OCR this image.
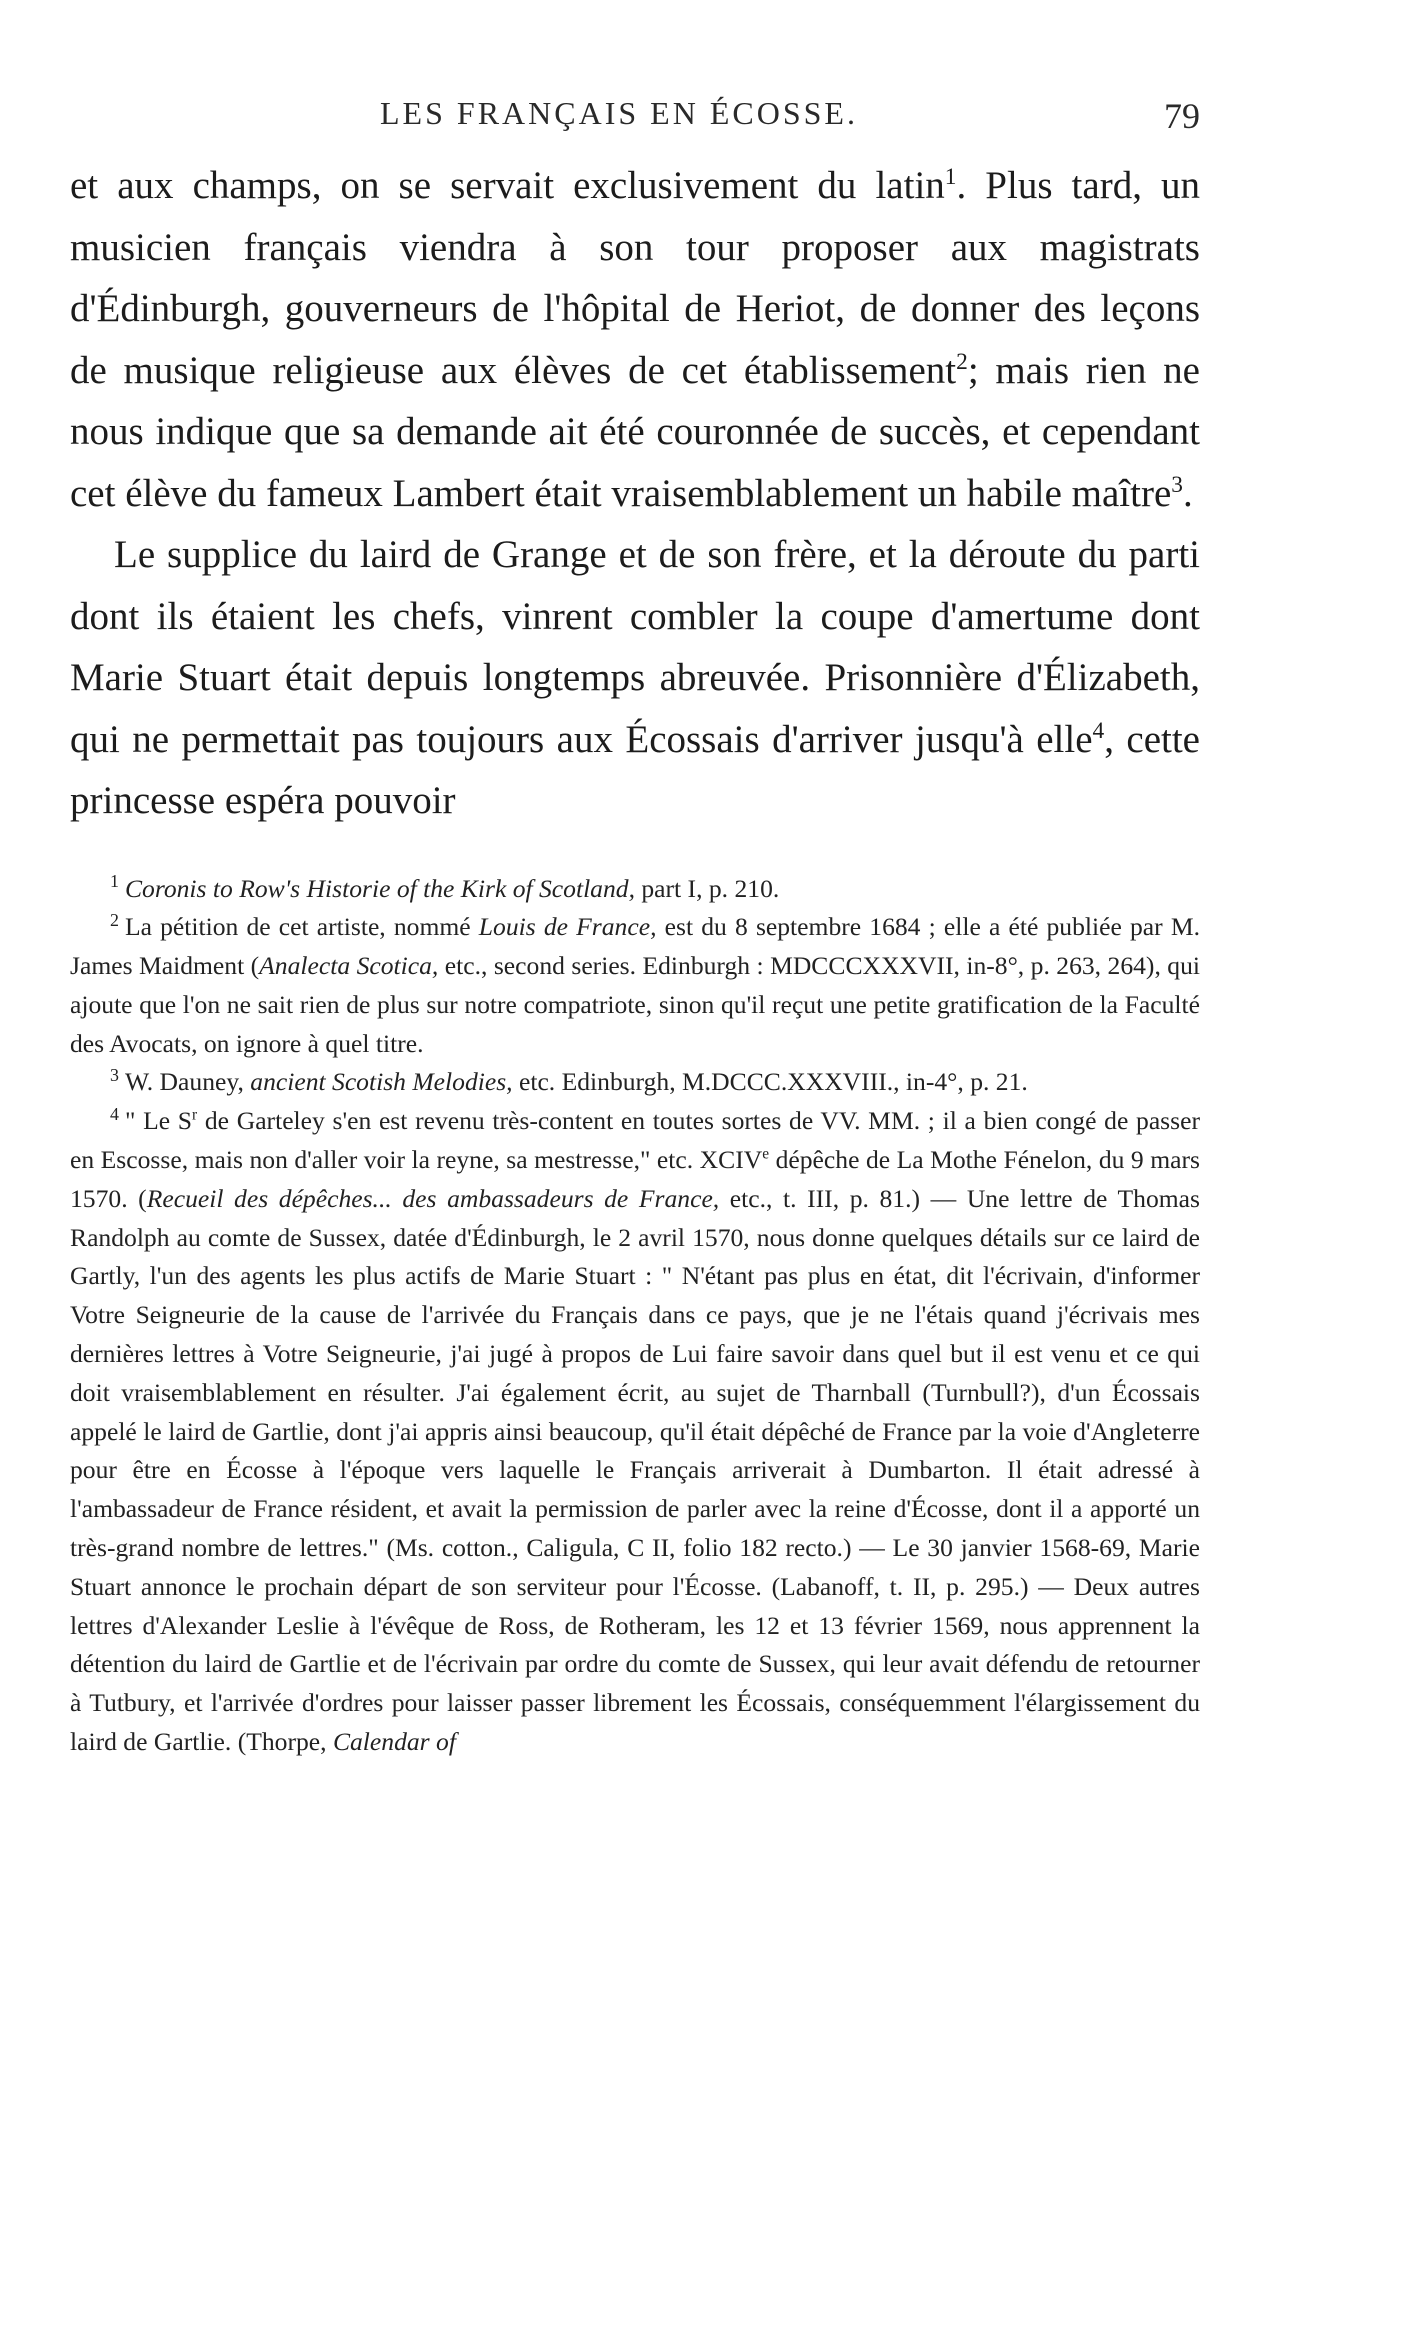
LES FRANÇAIS EN ÉCOSSE.	79

et aux champs, on se servait exclusivement du latin$^1$. Plus tard, un musicien français viendra à son tour proposer aux magistrats d'Édinburgh, gouverneurs de l'hôpital de Heriot, de donner des leçons de musique religieuse aux élèves de cet établissement$^2$; mais rien ne nous indique que sa demande ait été couronnée de succès, et cependant cet élève du fameux Lambert était vraisemblablement un habile maître$^3$.

Le supplice du laird de Grange et de son frère, et la déroute du parti dont ils étaient les chefs, vinrent combler la coupe d'amertume dont Marie Stuart était depuis longtemps abreuvée. Prisonnière d'Élizabeth, qui ne permettait pas toujours aux Écossais d'arriver jusqu'à elle$^4$, cette princesse espéra pouvoir

$^1$ Coronis to Row's Historie of the Kirk of Scotland, part I, p. 210.

$^2$ La pétition de cet artiste, nommé Louis de France, est du 8 septembre 1684 ; elle a été publiée par M. James Maidment (Analecta Scotica, etc., second series. Edinburgh : MDCCCXXXVII, in-8°, p. 263, 264), qui ajoute que l'on ne sait rien de plus sur notre compatriote, sinon qu'il reçut une petite gratification de la Faculté des Avocats, on ignore à quel titre.

$^3$ W. Dauney, ancient Scotish Melodies, etc. Edinburgh, M.DCCC.XXXVIII., in-4°, p. 21.

$^4$ " Le $S^r$ de Garteley s'en est revenu très-content en toutes sortes de VV. MM. ; il a bien congé de passer en Escosse, mais non d'aller voir la reyne, sa mestresse," etc. XCIVe dépêche de La Mothe Fénelon, du 9 mars 1570. (Recueil des dépêches... des ambassadeurs de France, etc., t. III, p. 81.) — Une lettre de Thomas Randolph au comte de Sussex, datée d'Édinburgh, le 2 avril 1570, nous donne quelques détails sur ce laird de Gartly, l'un des agents les plus actifs de Marie Stuart : " N'étant pas plus en état, dit l'écrivain, d'informer Votre Seigneurie de la cause de l'arrivée du Français dans ce pays, que je ne l'étais quand j'écrivais mes dernières lettres à Votre Seigneurie, j'ai jugé à propos de Lui faire savoir dans quel but il est venu et ce qui doit vraisemblablement en résulter. J'ai également écrit, au sujet de Tharnball (Turnbull?), d'un Écossais appelé le laird de Gartlie, dont j'ai appris ainsi beaucoup, qu'il était dépêché de France par la voie d'Angleterre pour être en Écosse à l'époque vers laquelle le Français arriverait à Dumbarton. Il était adressé à l'ambassadeur de France résident, et avait la permission de parler avec la reine d'Écosse, dont il a apporté un très-grand nombre de lettres." (Ms. cotton., Caligula, C II, folio 182 recto.) — Le 30 janvier 1568-69, Marie Stuart annonce le prochain départ de son serviteur pour l'Écosse. (Labanoff, t. II, p. 295.) — Deux autres lettres d'Alexander Leslie à l'évêque de Ross, de Rotheram, les 12 et 13 février 1569, nous apprennent la détention du laird de Gartlie et de l'écrivain par ordre du comte de Sussex, qui leur avait défendu de retourner à Tutbury, et l'arrivée d'ordres pour laisser passer librement les Écossais, conséquemment l'élargissement du laird de Gartlie. (Thorpe, Calendar of
